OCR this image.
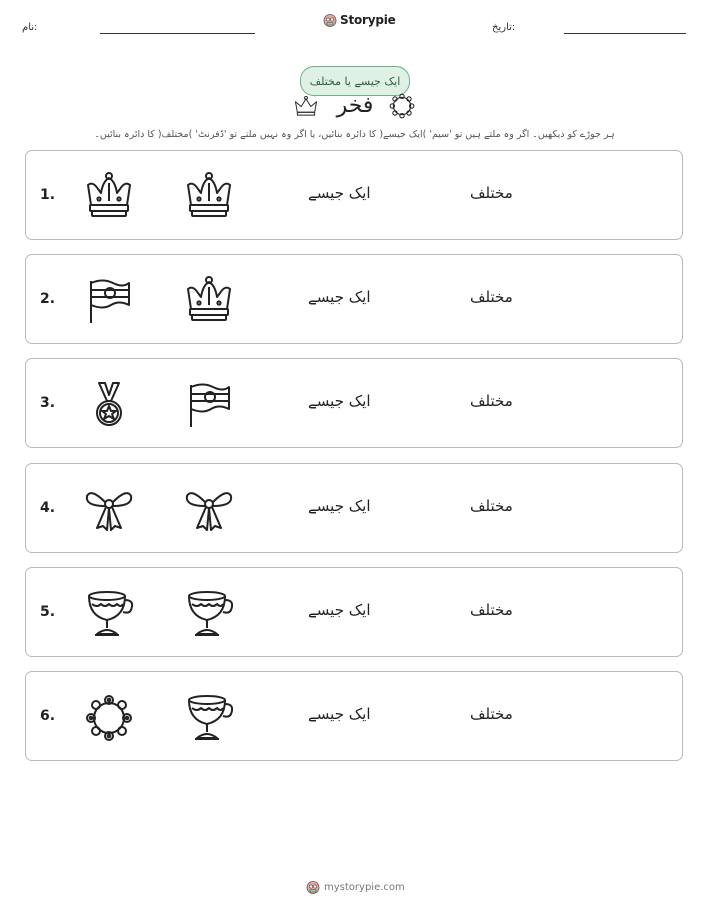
نام:
Storypie
تاریخ:
ایک جیسے یا مختلف
فخر
ہر جوڑے کو دیکھیں۔ اگر وہ ملتے ہیں تو 'سیم' )ایک جیسے( کا دائرہ بنائیں، یا اگر وہ نہیں ملتے تو 'ڈفرنٹ' )مختلف( کا دائرہ بنائیں۔
1.	ایک جیسے	مختلف
2.	ایک جیسے	مختلف
3.	ایک جیسے	مختلف
4.	ایک جیسے	مختلف
5.	ایک جیسے	مختلف
6.	ایک جیسے	مختلف
mystorypie.com
